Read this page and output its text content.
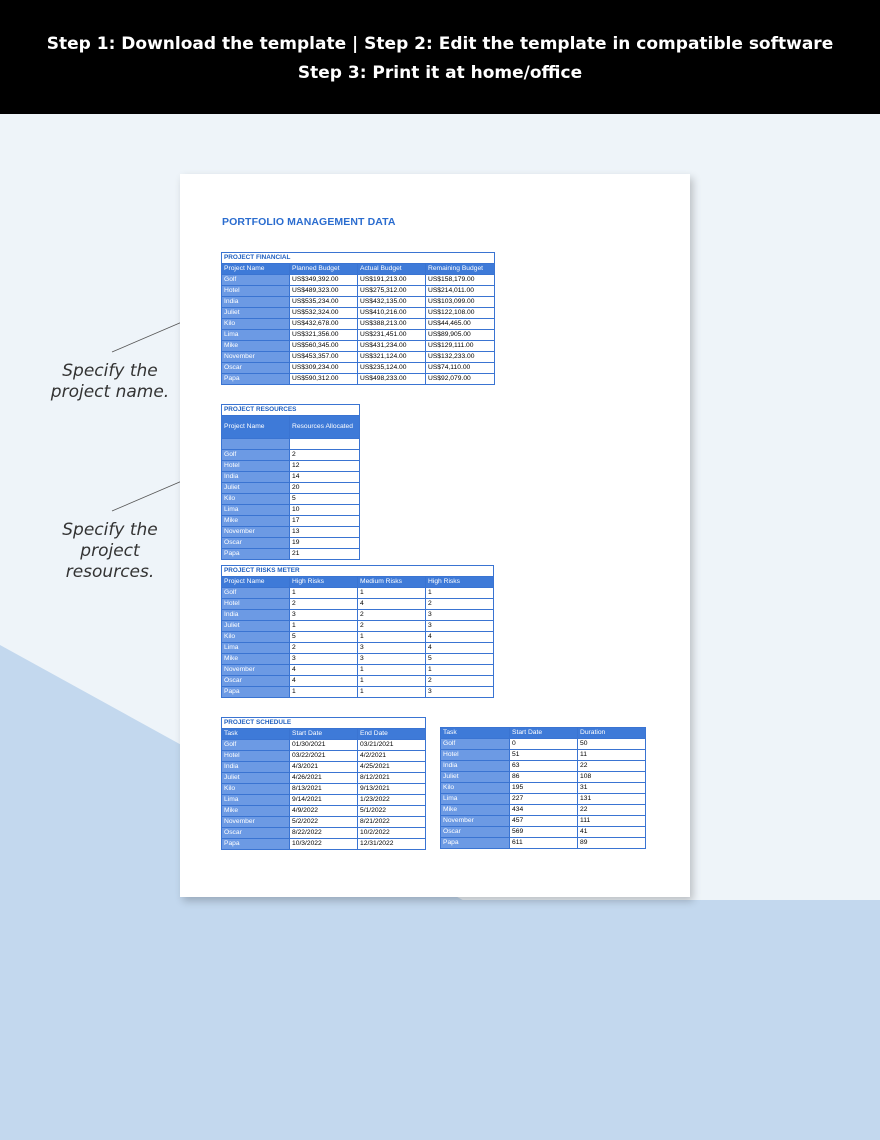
Step 1: Download the template | Step 2: Edit the template in compatible software
Step 3: Print it at home/office
Specify the project name.
Specify the project resources.
PORTFOLIO MANAGEMENT DATA
PROJECT FINANCIAL			
Project Name	Planned Budget	Actual Budget	Remaining Budget
Golf	US$349,392.00	US$191,213.00	US$158,179.00
Hotel	US$489,323.00	US$275,312.00	US$214,011.00
India	US$535,234.00	US$432,135.00	US$103,099.00
Juliet	US$532,324.00	US$410,216.00	US$122,108.00
Kilo	US$432,678.00	US$388,213.00	US$44,465.00
Lima	US$321,356.00	US$231,451.00	US$89,905.00
Mike	US$560,345.00	US$431,234.00	US$129,111.00
November	US$453,357.00	US$321,124.00	US$132,233.00
Oscar	US$309,234.00	US$235,124.00	US$74,110.00
Papa	US$590,312.00	US$498,233.00	US$92,079.00
PROJECT RESOURCES	
Project Name	Resources Allocated

Golf	2
Hotel	12
India	14
Juliet	20
Kilo	5
Lima	10
Mike	17
November	13
Oscar	19
Papa	21
PROJECT RISKS METER			
Project Name	High Risks	Medium Risks	High Risks
Golf	1	1	1
Hotel	2	4	2
India	3	2	3
Juliet	1	2	3
Kilo	5	1	4
Lima	2	3	4
Mike	3	3	5
November	4	1	1
Oscar	4	1	2
Papa	1	1	3
PROJECT SCHEDULE		
Task	Start Date	End Date
Golf	01/30/2021	03/21/2021
Hotel	03/22/2021	4/2/2021
India	4/3/2021	4/25/2021
Juliet	4/26/2021	8/12/2021
Kilo	8/13/2021	9/13/2021
Lima	9/14/2021	1/23/2022
Mike	4/9/2022	5/1/2022
November	5/2/2022	8/21/2022
Oscar	8/22/2022	10/2/2022
Papa	10/3/2022	12/31/2022
Task	Start Date	Duration
Golf	0	50
Hotel	51	11
India	63	22
Juliet	86	108
Kilo	195	31
Lima	227	131
Mike	434	22
November	457	111
Oscar	569	41
Papa	611	89
